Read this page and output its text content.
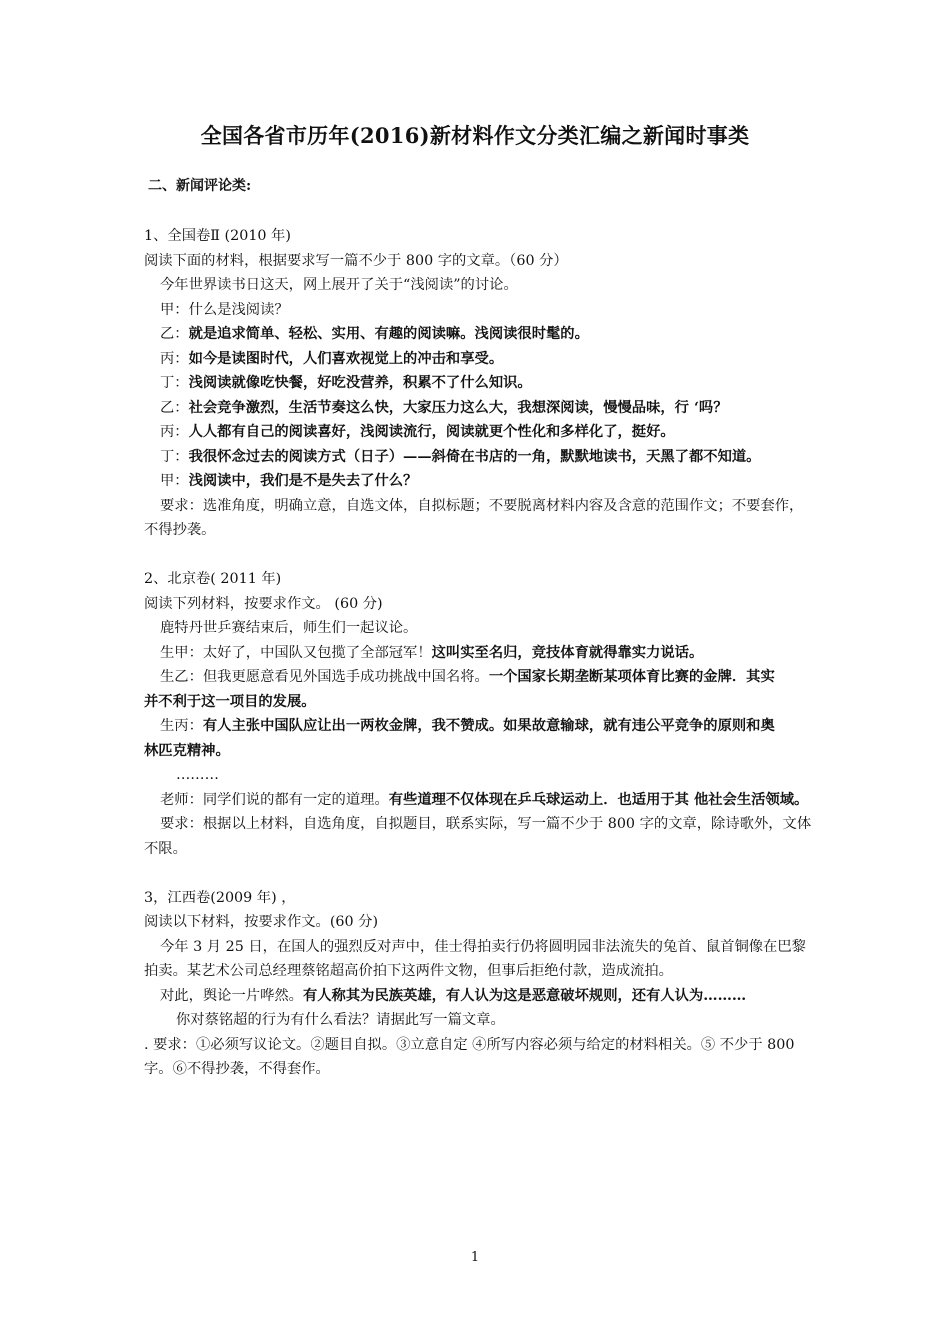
全国各省市历年(2016)新材料作文分类汇编之新闻时事类
二、新闻评论类:

1、全国卷Ⅱ (2010 年)

阅读下面的材料，根据要求写一篇不少于 800 字的文章。（60 分）

今年世界读书日这天，网上展开了关于“浅阅读”的讨论。

甲：什么是浅阅读？

乙：就是追求简单、轻松、实用、有趣的阅读嘛。浅阅读很时髦的。

丙：如今是读图时代，人们喜欢视觉上的冲击和享受。

丁：浅阅读就像吃快餐，好吃没营养，积累不了什么知识。

乙：社会竞争激烈，生活节奏这么快，大家压力这么大，我想深阅读，慢慢品味，行 ‘吗？

丙：人人都有自己的阅读喜好，浅阅读流行，阅读就更个性化和多样化了，挺好。

丁：我很怀念过去的阅读方式（日子）——斜倚在书店的一角，默默地读书，天黑了都不知道。

甲：浅阅读中，我们是不是失去了什么？

要求：选准角度，明确立意，自选文体，自拟标题；不要脱离材料内容及含意的范围作文；不要套作，不得抄袭。

2、北京卷( 2011 年)

阅读下列材料，按要求作文。 (60 分)

鹿特丹世乒赛结束后，师生们一起议论。

生甲：太好了，中国队又包揽了全部冠军！这叫实至名归，竞技体育就得靠实力说话。

生乙：但我更愿意看见外国选手成功挑战中国名将。一个国家长期垄断某项体育比赛的金牌．其实并不利于这一项目的发展。

生丙：有人主张中国队应让出一两枚金牌，我不赞成。如果故意输球，就有违公平竞争的原则和奥林匹克精神。

………

老师：同学们说的都有一定的道理。有些道理不仅体现在乒乓球运动上．也适用于其 他社会生活领域。

要求：根据以上材料，自选角度，自拟题目，联系实际，写一篇不少于 800 字的文章，除诗歌外，文体不限。

3，江西卷(2009 年) ，

阅读以下材料，按要求作文。(60 分)

今年 3 月 25 日，在国人的强烈反对声中，佳士得拍卖行仍将圆明园非法流失的兔首、鼠首铜像在巴黎拍卖。某艺术公司总经理蔡铭超高价拍下这两件文物，但事后拒绝付款，造成流拍。

对此，舆论一片哗然。有人称其为民族英雄，有人认为这是恶意破坏规则，还有人认为………

你对蔡铭超的行为有什么看法？请据此写一篇文章。

. 要求：①必须写议论文。②题目自拟。③立意自定 ④所写内容必须与给定的材料相关。⑤ 不少于 800 字。⑥不得抄袭，不得套作。

1
